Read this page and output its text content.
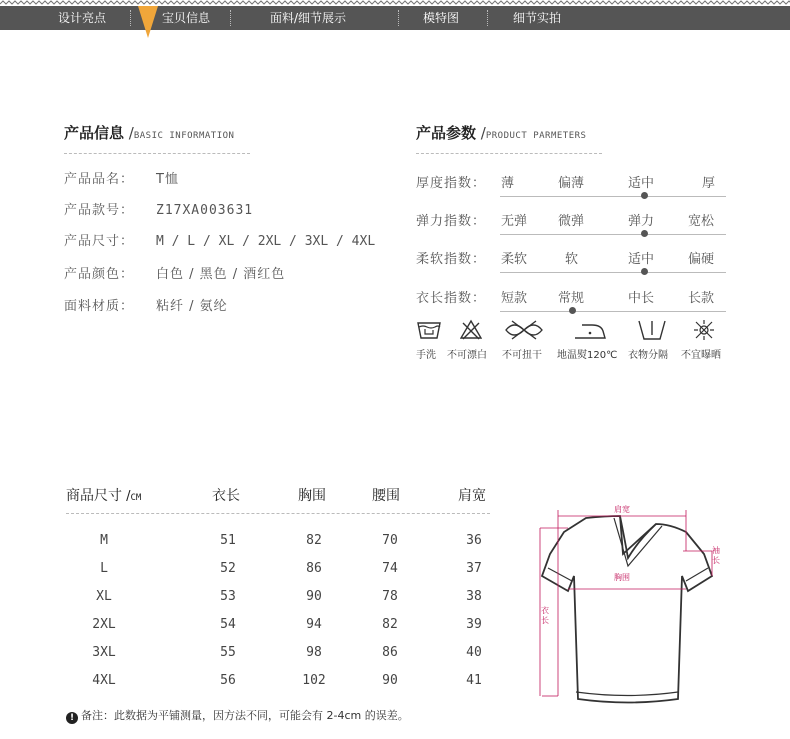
设计亮点	宝贝信息	面料/细节展示	模特图	细节实拍
产品信息 /BASIC INFORMATION
产品品名： T恤
产品款号： Z17XA003631
产品尺寸： M / L / XL / 2XL / 3XL / 4XL
产品颜色： 白色 / 黑色 / 酒红色
面料材质： 粘纤 / 氨纶
产品参数 /PRODUCT PARMETERS
厚度指数： 薄	偏薄	适中	厚
弹力指数： 无弹 微弹	弹力	宽松
柔软指数： 柔软	软	适中	偏硬
衣长指数： 短款 常规	中长	长款
手洗 不可漂白 不可扭干 地温熨120℃ 衣物分隔 不宜曝晒
商品尺寸 /CM	衣长	胸围	腰围	肩宽
M	51	82	70	36
L	52	86	74	37
XL	53	90	78	38
2XL	54	94	82	39
3XL	55	98	86	40
4XL	56	102	90	41
肩宽
袖长
胸围
衣长
! 备注：此数据为平铺测量，因方法不同，可能会有 2-4cm 的误差。
